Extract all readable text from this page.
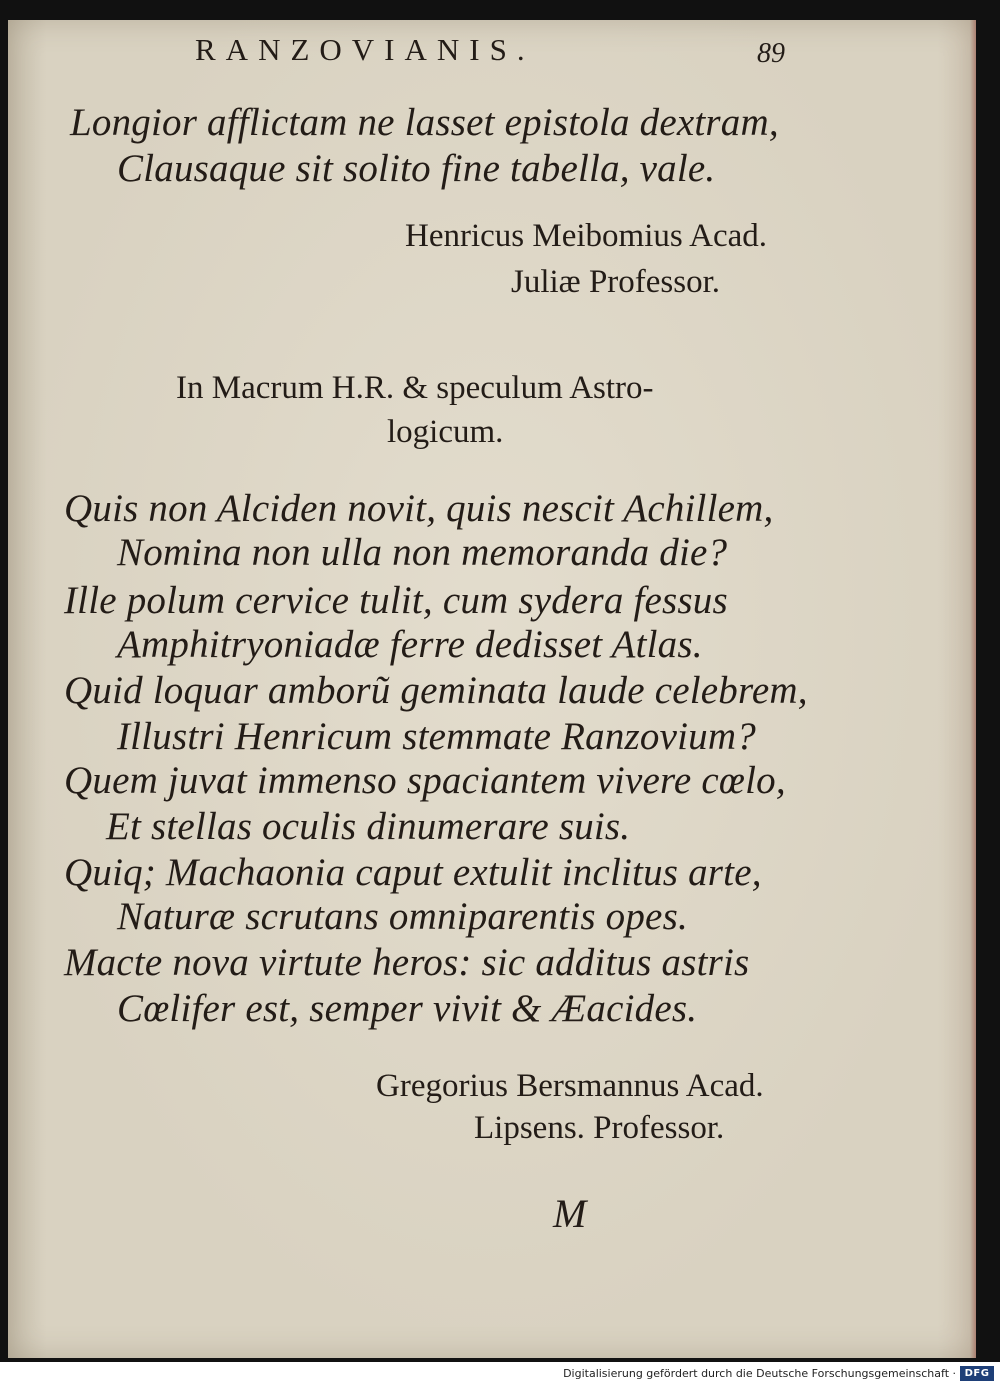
RANZOVIANIS.	89
Longior afflictam ne lasset epistola dextram,
Clausaque sit solito fine tabella, vale.
Henricus Meibomius Acad.
Juliæ Professor.
In Macrum H.R. & speculum Astro-
logicum.
Quis non Alciden novit, quis nescit Achillem,
Nomina non ulla non memoranda die?
Ille polum cervice tulit, cum sydera fessus
Amphitryoniadæ ferre dedisset Atlas.
Quid loquar amborũ geminata laude celebrem,
Illustri Henricum stemmate Ranzovium?
Quem juvat immenso spaciantem vivere cœlo,
Et stellas oculis dinumerare suis.
Quiq; Machaonia caput extulit inclitus arte,
Naturæ scrutans omniparentis opes.
Macte nova virtute heros: sic additus astris
Cœlifer est, semper vivit & Æacides.
Gregorius Bersmannus Acad.
Lipsens. Professor.
M
Digitalisierung gefördert durch die Deutsche Forschungsgemeinschaft · DFG
